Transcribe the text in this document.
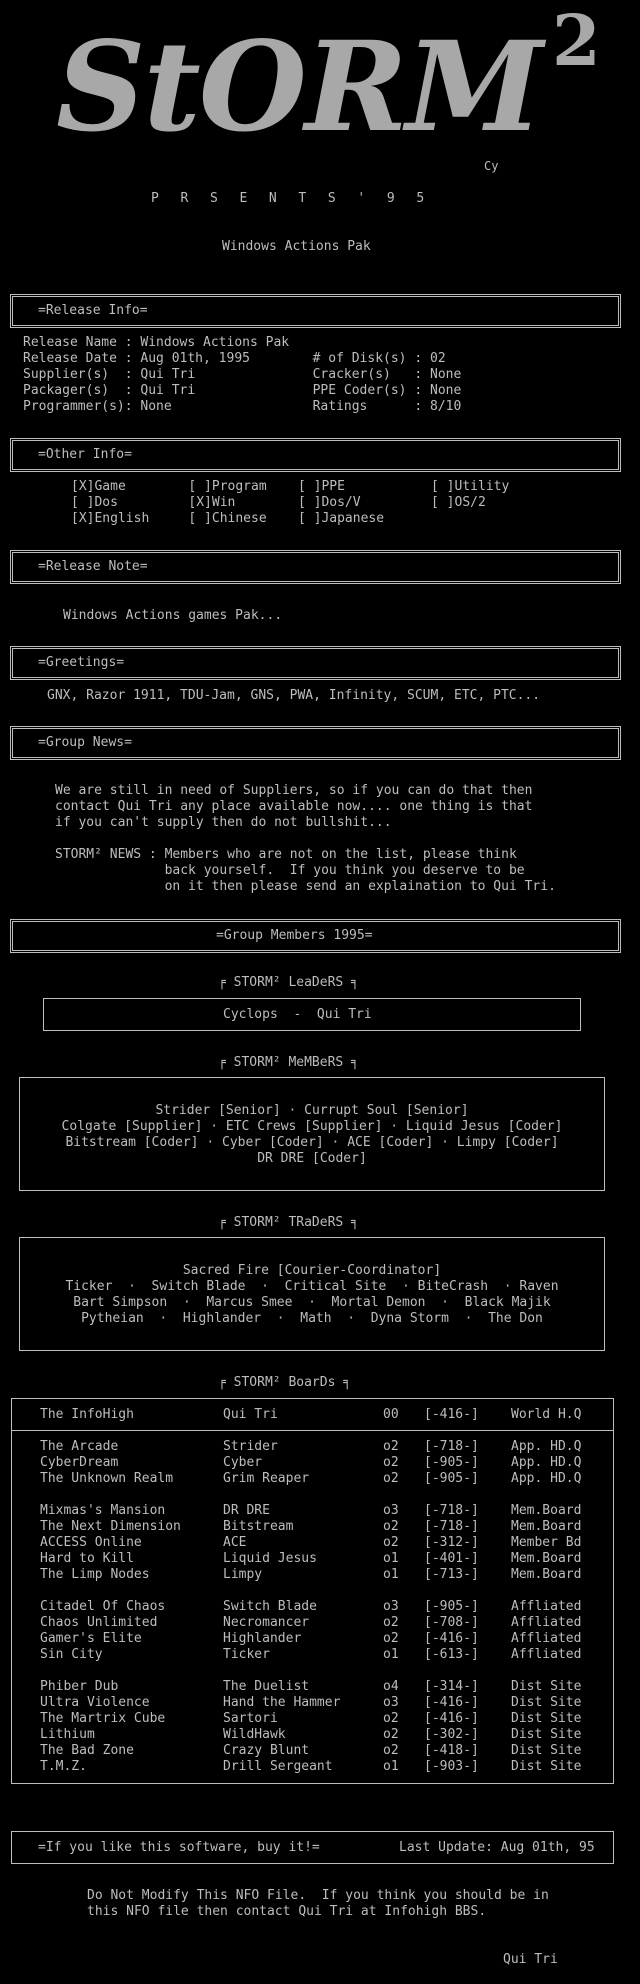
StORM 2
Cy
P  R  S  E  N  T  S  '  9  5
Windows Actions Pak
=Release Info=
Release Name : Windows Actions Pak
Release Date : Aug 01th, 1995        # of Disk(s) : 02
Supplier(s)  : Qui Tri               Cracker(s)   : None
Packager(s)  : Qui Tri               PPE Coder(s) : None
Programmer(s): None                  Ratings      : 8/10
=Other Info=
[X]Game        [ ]Program    [ ]PPE           [ ]Utility
[ ]Dos         [X]Win        [ ]Dos/V         [ ]OS/2
[X]English     [ ]Chinese    [ ]Japanese
=Release Note=
Windows Actions games Pak...
=Greetings=
GNX, Razor 1911, TDU-Jam, GNS, PWA, Infinity, SCUM, ETC, PTC...
=Group News=
We are still in need of Suppliers, so if you can do that then
contact Qui Tri any place available now.... one thing is that
if you can't supply then do not bullshit...
STORM² NEWS : Members who are not on the list, please think
back yourself.  If you think you deserve to be
on it then please send an explaination to Qui Tri.
=Group Members 1995=
╒ STORM² LeaDeRS ╕
Cyclops  -  Qui Tri
╒ STORM² MeMBeRS ╕
Strider [Senior] · Currupt Soul [Senior]
Colgate [Supplier] · ETC Crews [Supplier] · Liquid Jesus [Coder]
Bitstream [Coder] · Cyber [Coder] · ACE [Coder] · Limpy [Coder]
DR DRE [Coder]
╒ STORM² TRaDeRS ╕
Sacred Fire [Courier-Coordinator]
Ticker  ·  Switch Blade  ·  Critical Site  · BiteCrash  · Raven
Bart Simpson  ·  Marcus Smee  ·  Mortal Demon  ·  Black Majik
Pytheian  ·  Highlander  ·  Math  ·  Dyna Storm  ·  The Don
╒ STORM² BoarDs ╕
The InfoHigh	Qui Tri	00 [-416-] World H.Q
The Arcade	Strider	o2 [-718-] App. HD.Q
CyberDream	Cyber	o2 [-905-] App. HD.Q
The Unknown Realm	Grim Reaper	o2 [-905-] App. HD.Q
Mixmas's Mansion	DR DRE	o3 [-718-] Mem.Board
The Next Dimension	Bitstream	o2 [-718-] Mem.Board
ACCESS Online	ACE	o2 [-312-] Member Bd
Hard to Kill	Liquid Jesus	o1 [-401-] Mem.Board
The Limp Nodes	Limpy	o1 [-713-] Mem.Board
Citadel Of Chaos	Switch Blade	o3 [-905-] Affliated
Chaos Unlimited	Necromancer	o2 [-708-] Affliated
Gamer's Elite	Highlander	o2 [-416-] Affliated
Sin City	Ticker	o1 [-613-] Affliated
Phiber Dub	The Duelist	o4 [-314-] Dist Site
Ultra Violence	Hand the Hammer	o3 [-416-] Dist Site
The Martrix Cube	Sartori	o2 [-416-] Dist Site
Lithium	WildHawk	o2 [-302-] Dist Site
The Bad Zone	Crazy Blunt	o2 [-418-] Dist Site
T.M.Z.	Drill Sergeant	o1 [-903-] Dist Site
=If you like this software, buy it!=	Last Update: Aug 01th, 95
Do Not Modify This NFO File.  If you think you should be in
this NFO file then contact Qui Tri at Infohigh BBS.
Qui Tri
